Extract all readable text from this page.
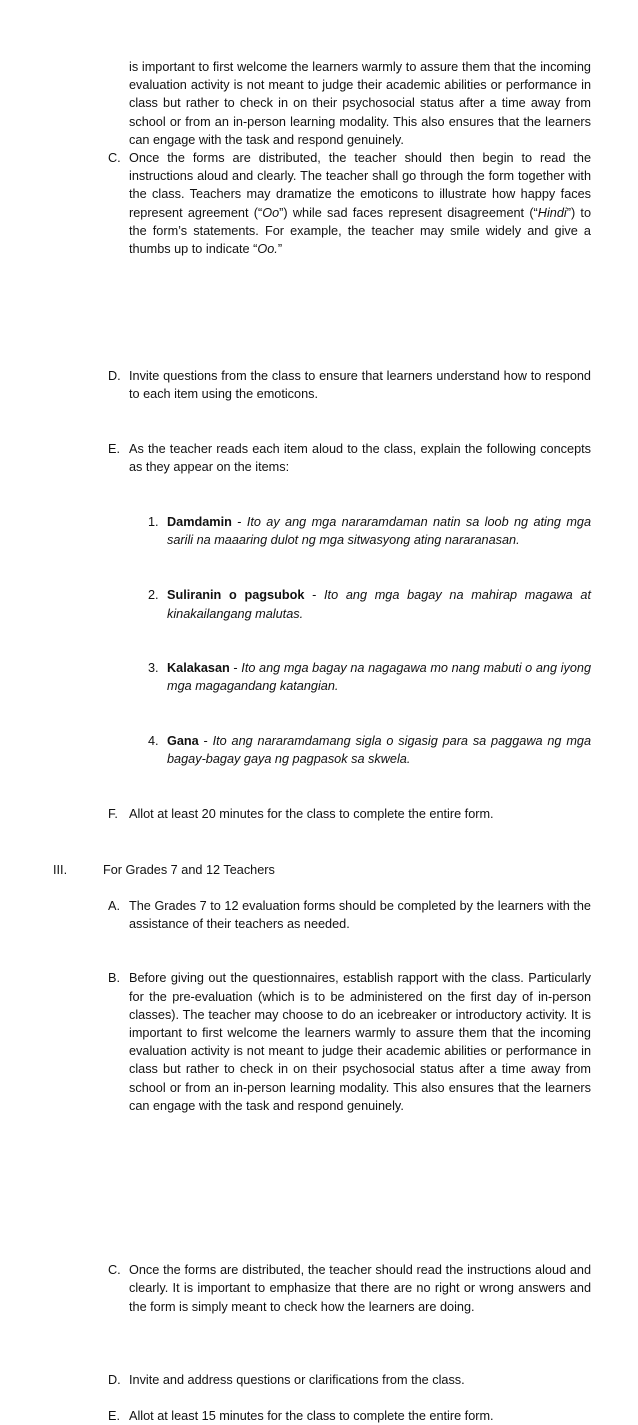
is important to first welcome the learners warmly to assure them that the incoming evaluation activity is not meant to judge their academic abilities or performance in class but rather to check in on their psychosocial status after a time away from school or from an in-person learning modality. This also ensures that the learners can engage with the task and respond genuinely.
C. Once the forms are distributed, the teacher should then begin to read the instructions aloud and clearly. The teacher shall go through the form together with the class. Teachers may dramatize the emoticons to illustrate how happy faces represent agreement (“Oo”) while sad faces represent disagreement (“Hindi”) to the form’s statements. For example, the teacher may smile widely and give a thumbs up to indicate “Oo.”
D. Invite questions from the class to ensure that learners understand how to respond to each item using the emoticons.
E. As the teacher reads each item aloud to the class, explain the following concepts as they appear on the items:
1. Damdamin - Ito ay ang mga nararamdaman natin sa loob ng ating mga sarili na maaaring dulot ng mga sitwasyong ating nararanasan.
2. Suliranin o pagsubok - Ito ang mga bagay na mahirap magawa at kinakailangang malutas.
3. Kalakasan - Ito ang mga bagay na nagagawa mo nang mabuti o ang iyong mga magagandang katangian.
4. Gana - Ito ang nararamdamang sigla o sigasig para sa paggawa ng mga bagay-bagay gaya ng pagpasok sa skwela.
F. Allot at least 20 minutes for the class to complete the entire form.
III.	For Grades 7 and 12 Teachers
A. The Grades 7 to 12 evaluation forms should be completed by the learners with the assistance of their teachers as needed.
B. Before giving out the questionnaires, establish rapport with the class. Particularly for the pre-evaluation (which is to be administered on the first day of in-person classes). The teacher may choose to do an icebreaker or introductory activity. It is important to first welcome the learners warmly to assure them that the incoming evaluation activity is not meant to judge their academic abilities or performance in class but rather to check in on their psychosocial status after a time away from school or from an in-person learning modality. This also ensures that the learners can engage with the task and respond genuinely.
C. Once the forms are distributed, the teacher should read the instructions aloud and clearly. It is important to emphasize that there are no right or wrong answers and the form is simply meant to check how the learners are doing.
D. Invite and address questions or clarifications from the class.
E. Allot at least 15 minutes for the class to complete the entire form.
